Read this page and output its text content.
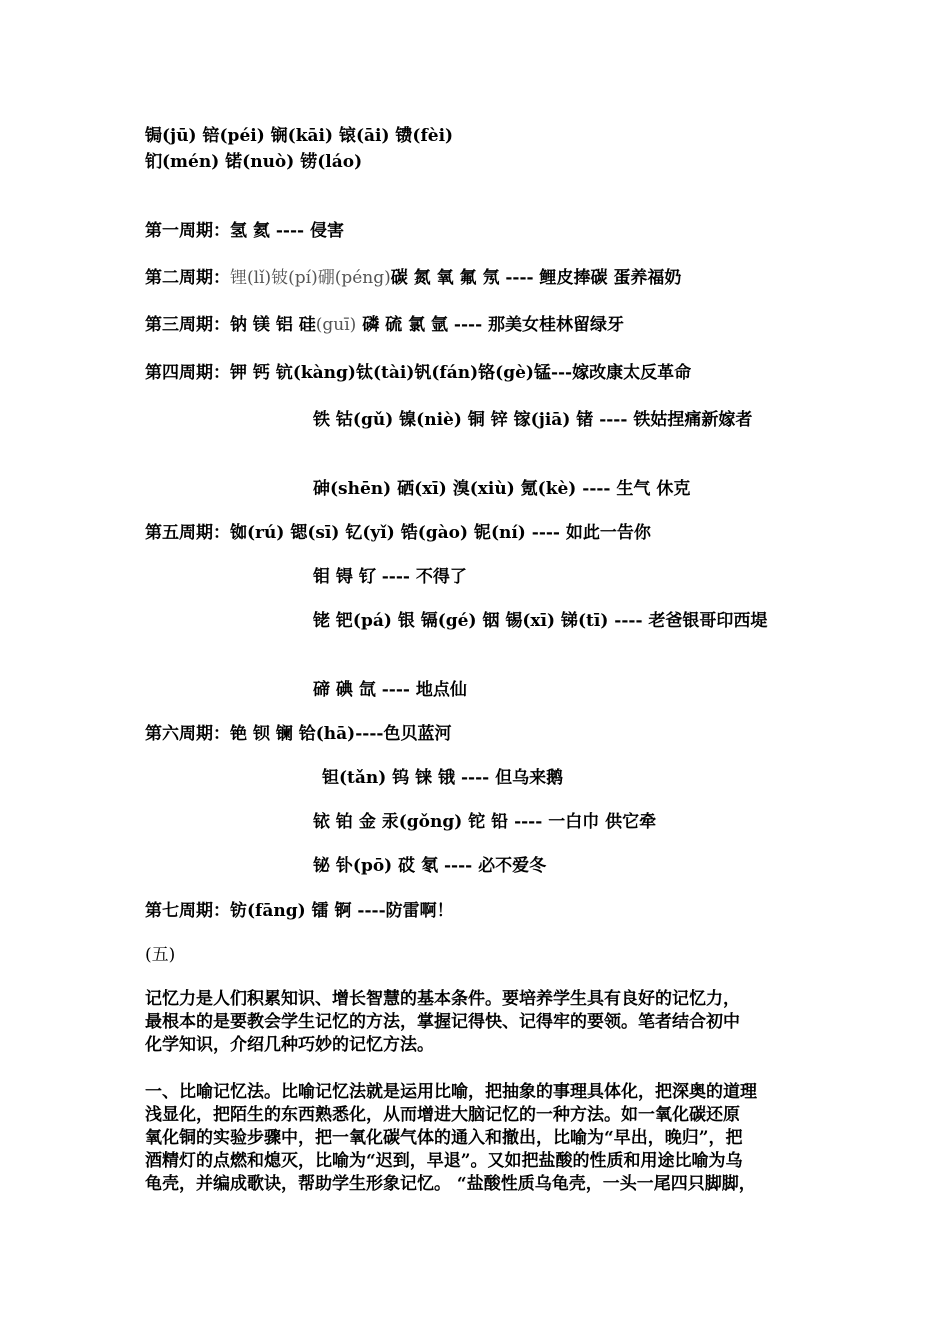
锔(jū) 锫(péi) 锎(kāi) 锿(āi) 镄(fèi)
钔(mén) 锘(nuò) 铹(láo)
第一周期：氢 氦 ---- 侵害
第二周期：锂(lǐ)铍(pí)硼(péng)碳 氮 氧 氟 氖 ---- 鲤皮捧碳 蛋养福奶
第三周期：钠 镁 铝 硅(guī) 磷 硫 氯 氩 ---- 那美女桂林留绿牙
第四周期：钾 钙 钪(kàng)钛(tài)钒(fán)铬(gè)锰---嫁改康太反革命
铁 钴(gǔ) 镍(niè) 铜 锌 镓(jiā) 锗 ---- 铁姑捏痛新嫁者
砷(shēn) 硒(xī) 溴(xiù) 氪(kè) ---- 生气 休克
第五周期：铷(rú) 锶(sī) 钇(yǐ) 锆(gào) 铌(ní) ---- 如此一告你
钼 锝 钌 ---- 不得了
铑 钯(pá) 银 镉(gé) 铟 锡(xī) 锑(tī) ---- 老爸银哥印西堤
碲 碘 氙 ---- 地点仙
第六周期：铯 钡 镧 铪(hā)----色贝蓝河
钽(tǎn) 钨 铼 锇 ---- 但乌来鹅
铱 铂 金 汞(gǒng) 铊 铅 ---- 一白巾 供它牵
铋 钋(pō) 砹 氡 ---- 必不爱冬
第七周期：钫(fāng) 镭 锕 ----防雷啊！
(五)

记忆力是人们积累知识、增长智慧的基本条件。要培养学生具有良好的记忆力，

最根本的是要教会学生记忆的方法，掌握记得快、记得牢的要领。笔者结合初中

化学知识，介绍几种巧妙的记忆方法。

一、比喻记忆法。比喻记忆法就是运用比喻，把抽象的事理具体化，把深奥的道理

浅显化，把陌生的东西熟悉化，从而增进大脑记忆的一种方法。如一氧化碳还原

氧化铜的实验步骤中，把一氧化碳气体的通入和撤出，比喻为“早出，晚归”，把

酒精灯的点燃和熄灭，比喻为“迟到，早退”。又如把盐酸的性质和用途比喻为乌

龟壳，并编成歌诀，帮助学生形象记忆。 “盐酸性质乌龟壳，一头一尾四只脚脚，
